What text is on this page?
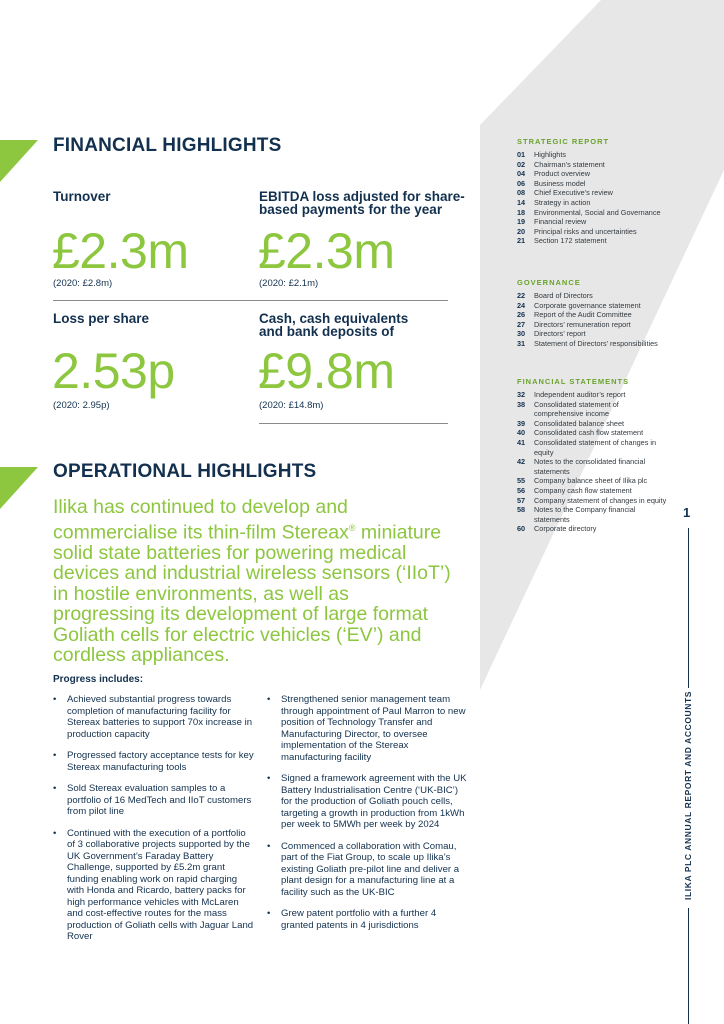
FINANCIAL HIGHLIGHTS
Turnover
£2.3m
(2020: £2.8m)
EBITDA loss adjusted for share-based payments for the year
£2.3m
(2020: £2.1m)
Loss per share
2.53p
(2020: 2.95p)
Cash, cash equivalents and bank deposits of
£9.8m
(2020: £14.8m)
OPERATIONAL HIGHLIGHTS
Ilika has continued to develop and commercialise its thin-film Stereax® miniature solid state batteries for powering medical devices and industrial wireless sensors (‘IIoT’) in hostile environments, as well as progressing its development of large format Goliath cells for electric vehicles (‘EV’) and cordless appliances.
Progress includes:
• Achieved substantial progress towards completion of manufacturing facility for Stereax batteries to support 70x increase in production capacity
• Progressed factory acceptance tests for key Stereax manufacturing tools
• Sold Stereax evaluation samples to a portfolio of 16 MedTech and IIoT customers from pilot line
• Continued with the execution of a portfolio of 3 collaborative projects supported by the UK Government’s Faraday Battery Challenge, supported by £5.2m grant funding enabling work on rapid charging with Honda and Ricardo, battery packs for high performance vehicles with McLaren and cost-effective routes for the mass production of Goliath cells with Jaguar Land Rover
• Strengthened senior management team through appointment of Paul Marron to new position of Technology Transfer and Manufacturing Director, to oversee implementation of the Stereax manufacturing facility
• Signed a framework agreement with the UK Battery Industrialisation Centre (‘UK-BIC’) for the production of Goliath pouch cells, targeting a growth in production from 1kWh per week to 5MWh per week by 2024
• Commenced a collaboration with Comau, part of the Fiat Group, to scale up Ilika’s existing Goliath pre-pilot line and deliver a plant design for a manufacturing line at a facility such as the UK-BIC
• Grew patent portfolio with a further 4 granted patents in 4 jurisdictions
STRATEGIC REPORT
01	Highlights
02	Chairman’s statement
04	Product overview
06	Business model
08	Chief Executive’s review
14	Strategy in action
18	Environmental, Social and Governance
19	Financial review
20	Principal risks and uncertainties
21	Section 172 statement
GOVERNANCE
22	Board of Directors
24	Corporate governance statement
26	Report of the Audit Committee
27	Directors’ remuneration report
30	Directors’ report
31	Statement of Directors’ responsibilities
FINANCIAL STATEMENTS
32	Independent auditor’s report
38	Consolidated statement of comprehensive income
39	Consolidated balance sheet
40	Consolidated cash flow statement
41	Consolidated statement of changes in equity
42	Notes to the consolidated financial statements
55	Company balance sheet of Ilika plc
56	Company cash flow statement
57	Company statement of changes in equity
58	Notes to the Company financial statements
60	Corporate directory
1
ILIKA PLC ANNUAL REPORT AND ACCOUNTS
